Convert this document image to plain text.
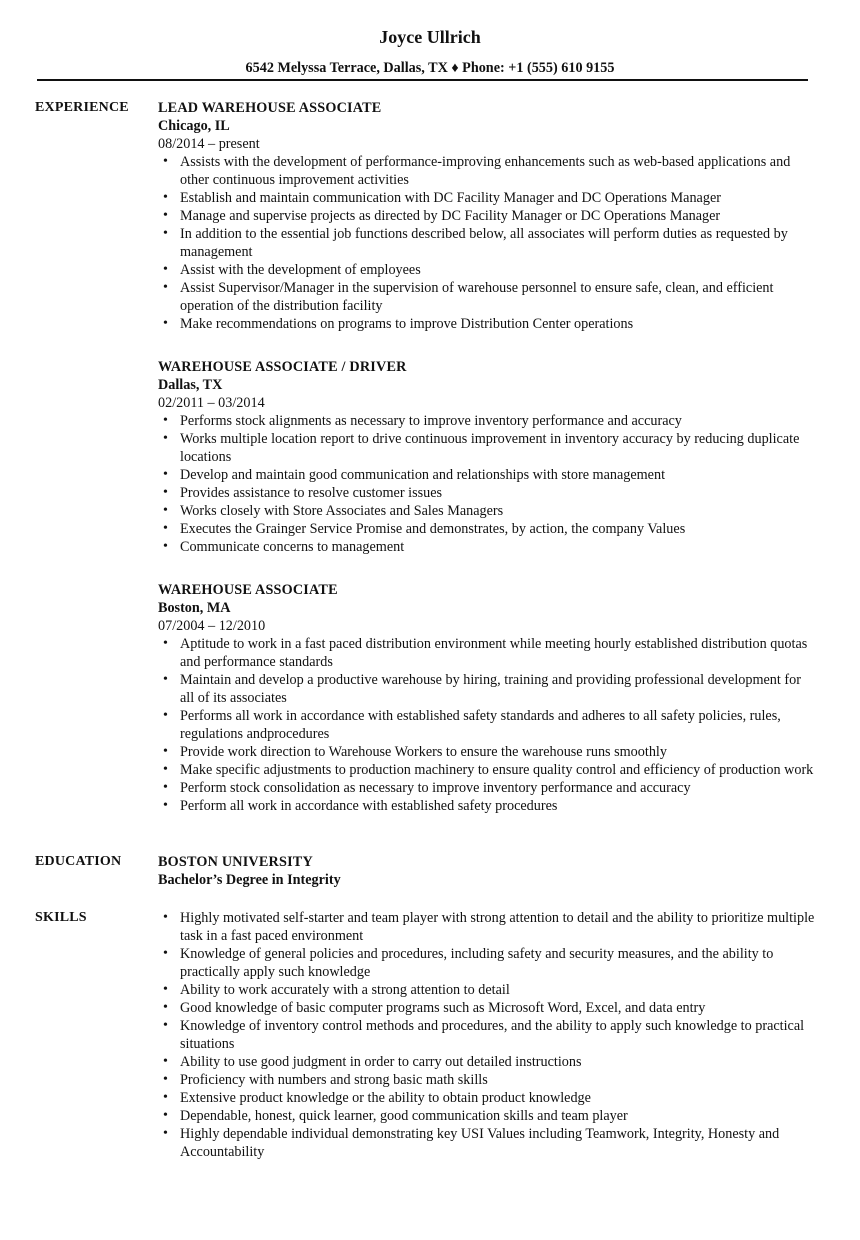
Joyce Ullrich
6542 Melyssa Terrace, Dallas, TX ♦ Phone: +1 (555) 610 9155
EXPERIENCE LEAD WAREHOUSE ASSOCIATE
Chicago, IL
08/2014 – present
• Assists with the development of performance-improving enhancements such as web-based applications and other continuous improvement activities
• Establish and maintain communication with DC Facility Manager and DC Operations Manager
• Manage and supervise projects as directed by DC Facility Manager or DC Operations Manager
• In addition to the essential job functions described below, all associates will perform duties as requested by management
• Assist with the development of employees
• Assist Supervisor/Manager in the supervision of warehouse personnel to ensure safe, clean, and efficient operation of the distribution facility
• Make recommendations on programs to improve Distribution Center operations
WAREHOUSE ASSOCIATE / DRIVER
Dallas, TX
02/2011 – 03/2014
• Performs stock alignments as necessary to improve inventory performance and accuracy
• Works multiple location report to drive continuous improvement in inventory accuracy by reducing duplicate locations
• Develop and maintain good communication and relationships with store management
• Provides assistance to resolve customer issues
• Works closely with Store Associates and Sales Managers
• Executes the Grainger Service Promise and demonstrates, by action, the company Values
• Communicate concerns to management
WAREHOUSE ASSOCIATE
Boston, MA
07/2004 – 12/2010
• Aptitude to work in a fast paced distribution environment while meeting hourly established distribution quotas and performance standards
• Maintain and develop a productive warehouse by hiring, training and providing professional development for all of its associates
• Performs all work in accordance with established safety standards and adheres to all safety policies, rules, regulations andprocedures
• Provide work direction to Warehouse Workers to ensure the warehouse runs smoothly
• Make specific adjustments to production machinery to ensure quality control and efficiency of production work
• Perform stock consolidation as necessary to improve inventory performance and accuracy
• Perform all work in accordance with established safety procedures
EDUCATION	BOSTON UNIVERSITY
Bachelor’s Degree in Integrity
SKILLS
•	Highly motivated self-starter and team player with strong attention to detail and the ability to prioritize multiple task in a fast paced environment
• Knowledge of general policies and procedures, including safety and security measures, and the ability to practically apply such knowledge
• Ability to work accurately with a strong attention to detail
• Good knowledge of basic computer programs such as Microsoft Word, Excel, and data entry
• Knowledge of inventory control methods and procedures, and the ability to apply such knowledge to practical situations
• Ability to use good judgment in order to carry out detailed instructions
• Proficiency with numbers and strong basic math skills
• Extensive product knowledge or the ability to obtain product knowledge
• Dependable, honest, quick learner, good communication skills and team player
• Highly dependable individual demonstrating key USI Values including Teamwork, Integrity, Honesty and Accountability
